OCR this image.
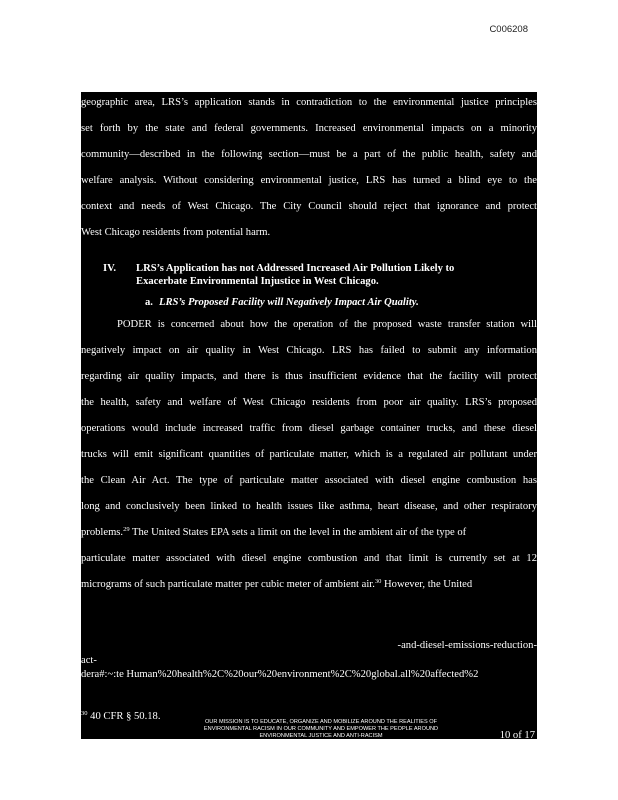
C006208
geographic area, LRS’s application stands in contradiction to the environmental justice principles
set forth by the state and federal governments. Increased environmental impacts on a minority
community—described in the following section—must be a part of the public health, safety and
welfare analysis. Without considering environmental justice, LRS has turned a blind eye to the
context and needs of West Chicago. The City Council should reject that ignorance and protect
West Chicago residents from potential harm.
IV.	LRS’s Application has not Addressed Increased Air Pollution Likely to
Exacerbate Environmental Injustice in West Chicago.
a. LRS’s Proposed Facility will Negatively Impact Air Quality.
PODER is concerned about how the operation of the proposed waste transfer station will
negatively impact on air quality in West Chicago. LRS has failed to submit any information
regarding air quality impacts, and there is thus insufficient evidence that the facility will protect
the health, safety and welfare of West Chicago residents from poor air quality. LRS’s proposed
operations would include increased traffic from diesel garbage container trucks, and these diesel
trucks will emit significant quantities of particulate matter, which is a regulated air pollutant under
the Clean Air Act. The type of particulate matter associated with diesel engine combustion has
long and conclusively been linked to health issues like asthma, heart disease, and other respiratory
problems.$^{29}$ The United States EPA sets a limit on the level in the ambient air of the type of
particulate matter associated with diesel engine combustion and that limit is currently set at 12
micrograms of such particulate matter per cubic meter of ambient air.$^{30}$ However, the United
-and-diesel-emissions-reduction-
act-
dera#:~:te Human%20health%2C%20our%20environment%2C%20global.all%20affected%2
$^{30}$ 40 CFR § 50.18.	OUR MISSION IS TO EDUCATE, ORGANIZE AND MOBILIZE AROUND THE REALITIES OF
ENVIRONMENTAL RACISM IN OUR COMMUNITY AND EMPOWER THE PEOPLE AROUND
ENVIRONMENTAL JUSTICE AND ANTI-RACISM	10 of 17
